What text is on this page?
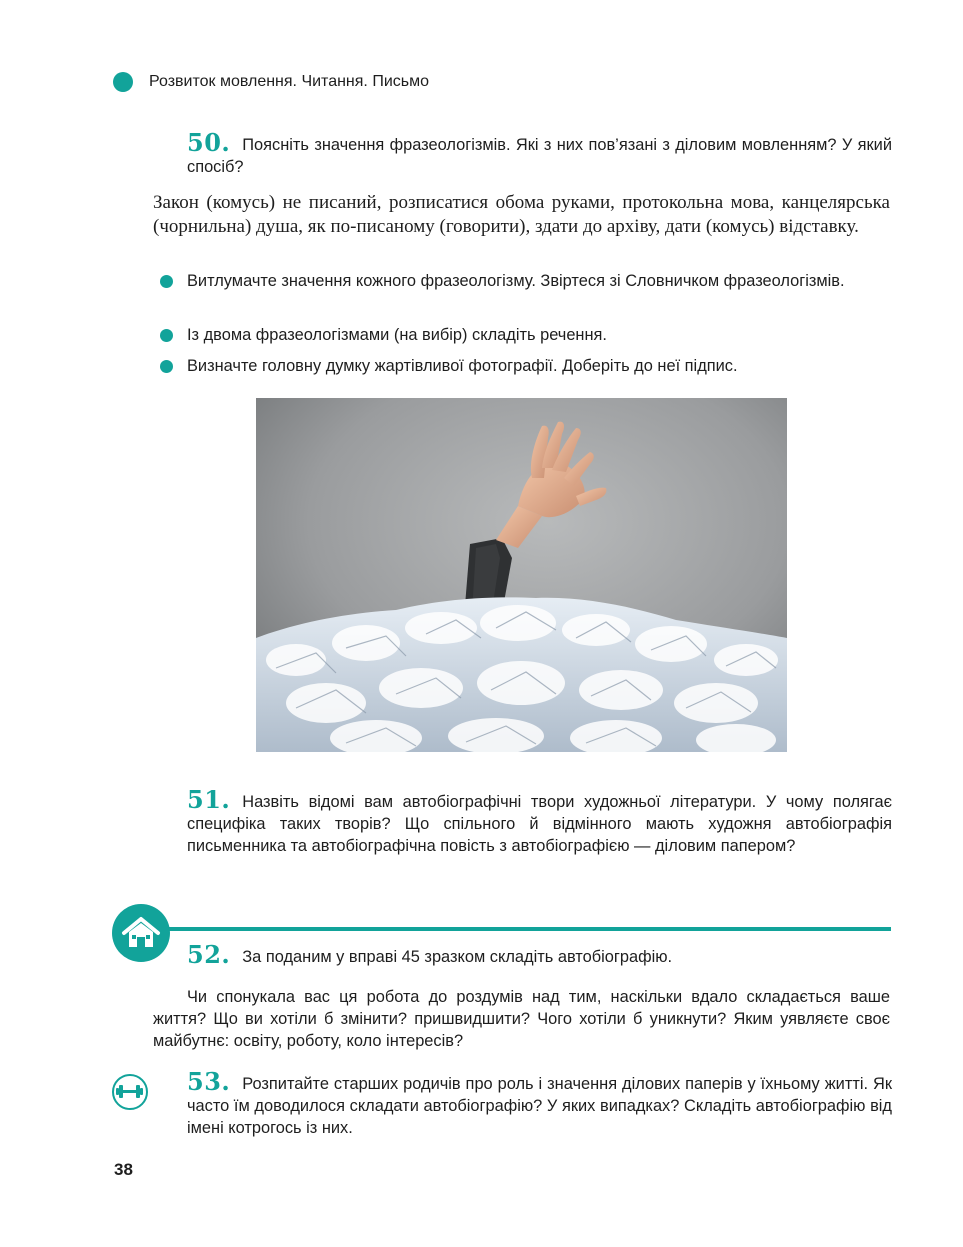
Розвиток мовлення. Читання. Письмо
50. Поясніть значення фразеологізмів. Які з них пов’язані з діловим мовленням? У який спосіб?
Закон (комусь) не писаний, розписатися обома руками, протокольна мова, канцелярська (чорнильна) душа, як по-писаному (говорити), здати до архіву, дати (комусь) відставку.
Витлумачте значення кожного фразеологізму. Звіртеся зі Словничком фразеологізмів.
Із двома фразеологізмами (на вибір) складіть речення.
Визначте головну думку жартівливої фотографії. Доберіть до неї підпис.
51. Назвіть відомі вам автобіографічні твори художньої літератури. У чому полягає специфіка таких творів? Що спільного й відмінного мають художня автобіографія письменника та автобіографічна повість з автобіографією — діловим папером?
52. За поданим у вправі 45 зразком складіть автобіографію.
Чи спонукала вас ця робота до роздумів над тим, наскільки вдало складається ваше життя? Що ви хотіли б змінити? пришвидшити? Чого хотіли б уникнути? Яким уявляєте своє майбутнє: освіту, роботу, коло інтересів?
53. Розпитайте старших родичів про роль і значення ділових паперів у їхньому житті. Як часто їм доводилося складати автобіографію? У яких випадках? Складіть автобіографію від імені котрогось із них.
38
